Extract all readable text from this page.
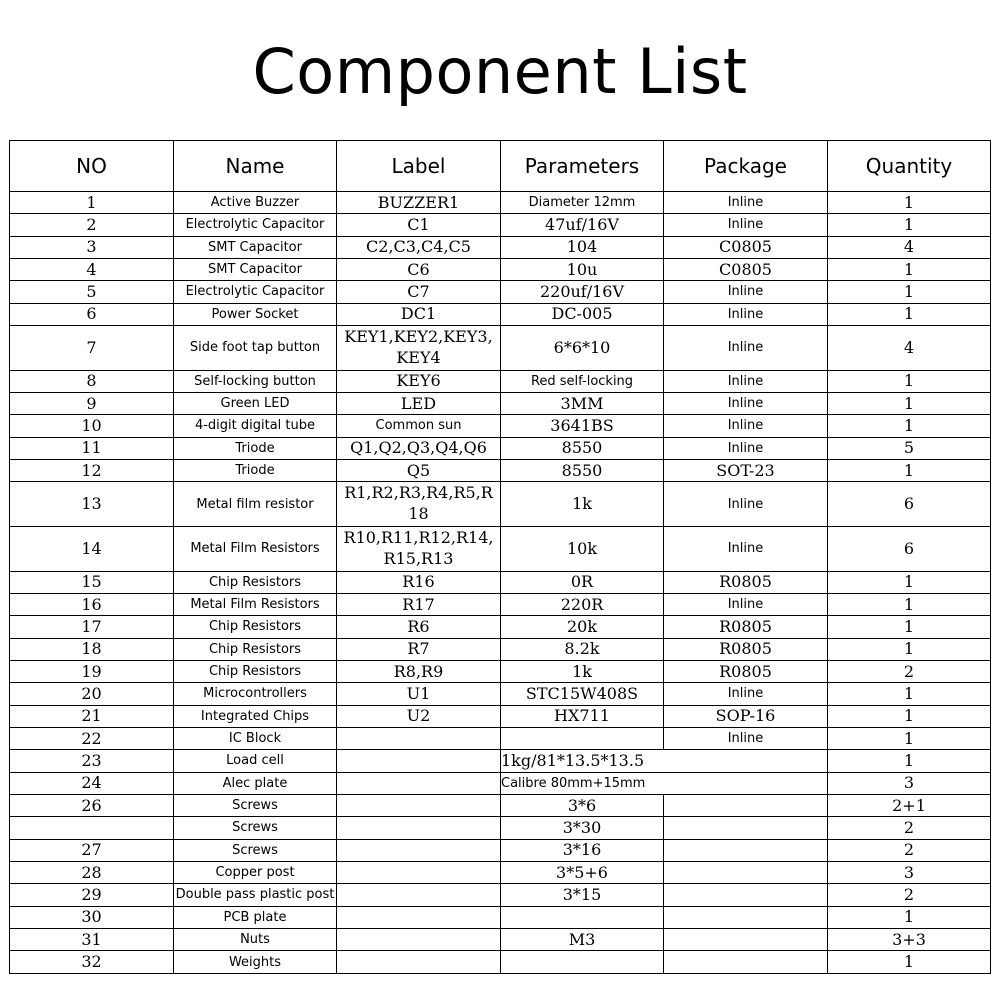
Component List
NO	Name	Label	Parameters	Package	Quantity
1	Active Buzzer	BUZZER1	Diameter 12mm	Inline	1
2	Electrolytic Capacitor	C1	47uf/16V	Inline	1
3	SMT Capacitor	C2,C3,C4,C5	104	C0805	4
4	SMT Capacitor	C6	10u	C0805	1
5	Electrolytic Capacitor	C7	220uf/16V	Inline	1
6	Power Socket	DC1	DC-005	Inline	1
7	Side foot tap button	KEY1,KEY2,KEY3,KEY4	6*6*10	Inline	4
8	Self-locking button	KEY6	Red self-locking	Inline	1
9	Green LED	LED	3MM	Inline	1
10	4-digit digital tube	Common sun	3641BS	Inline	1
11	Triode	Q1,Q2,Q3,Q4,Q6	8550	Inline	5
12	Triode	Q5	8550	SOT-23	1
13	Metal film resistor	R1,R2,R3,R4,R5,R18	1k	Inline	6
14	Metal Film Resistors	R10,R11,R12,R14,R15,R13	10k	Inline	6
15	Chip Resistors	R16	0R	R0805	1
16	Metal Film Resistors	R17	220R	Inline	1
17	Chip Resistors	R6	20k	R0805	1
18	Chip Resistors	R7	8.2k	R0805	1
19	Chip Resistors	R8,R9	1k	R0805	2
20	Microcontrollers	U1	STC15W408S	Inline	1
21	Integrated Chips	U2	HX711	SOP-16	1
22	IC Block			Inline	1
23	Load cell		1kg/81*13.5*13.5		1
24	Alec plate		Calibre 80mm+15mm		3
26	Screws		3*6		2+1
	Screws		3*30		2
27	Screws		3*16		2
28	Copper post		3*5+6		3
29	Double pass plastic post		3*15		2
30	PCB plate				1
31	Nuts		M3		3+3
32	Weights				1
